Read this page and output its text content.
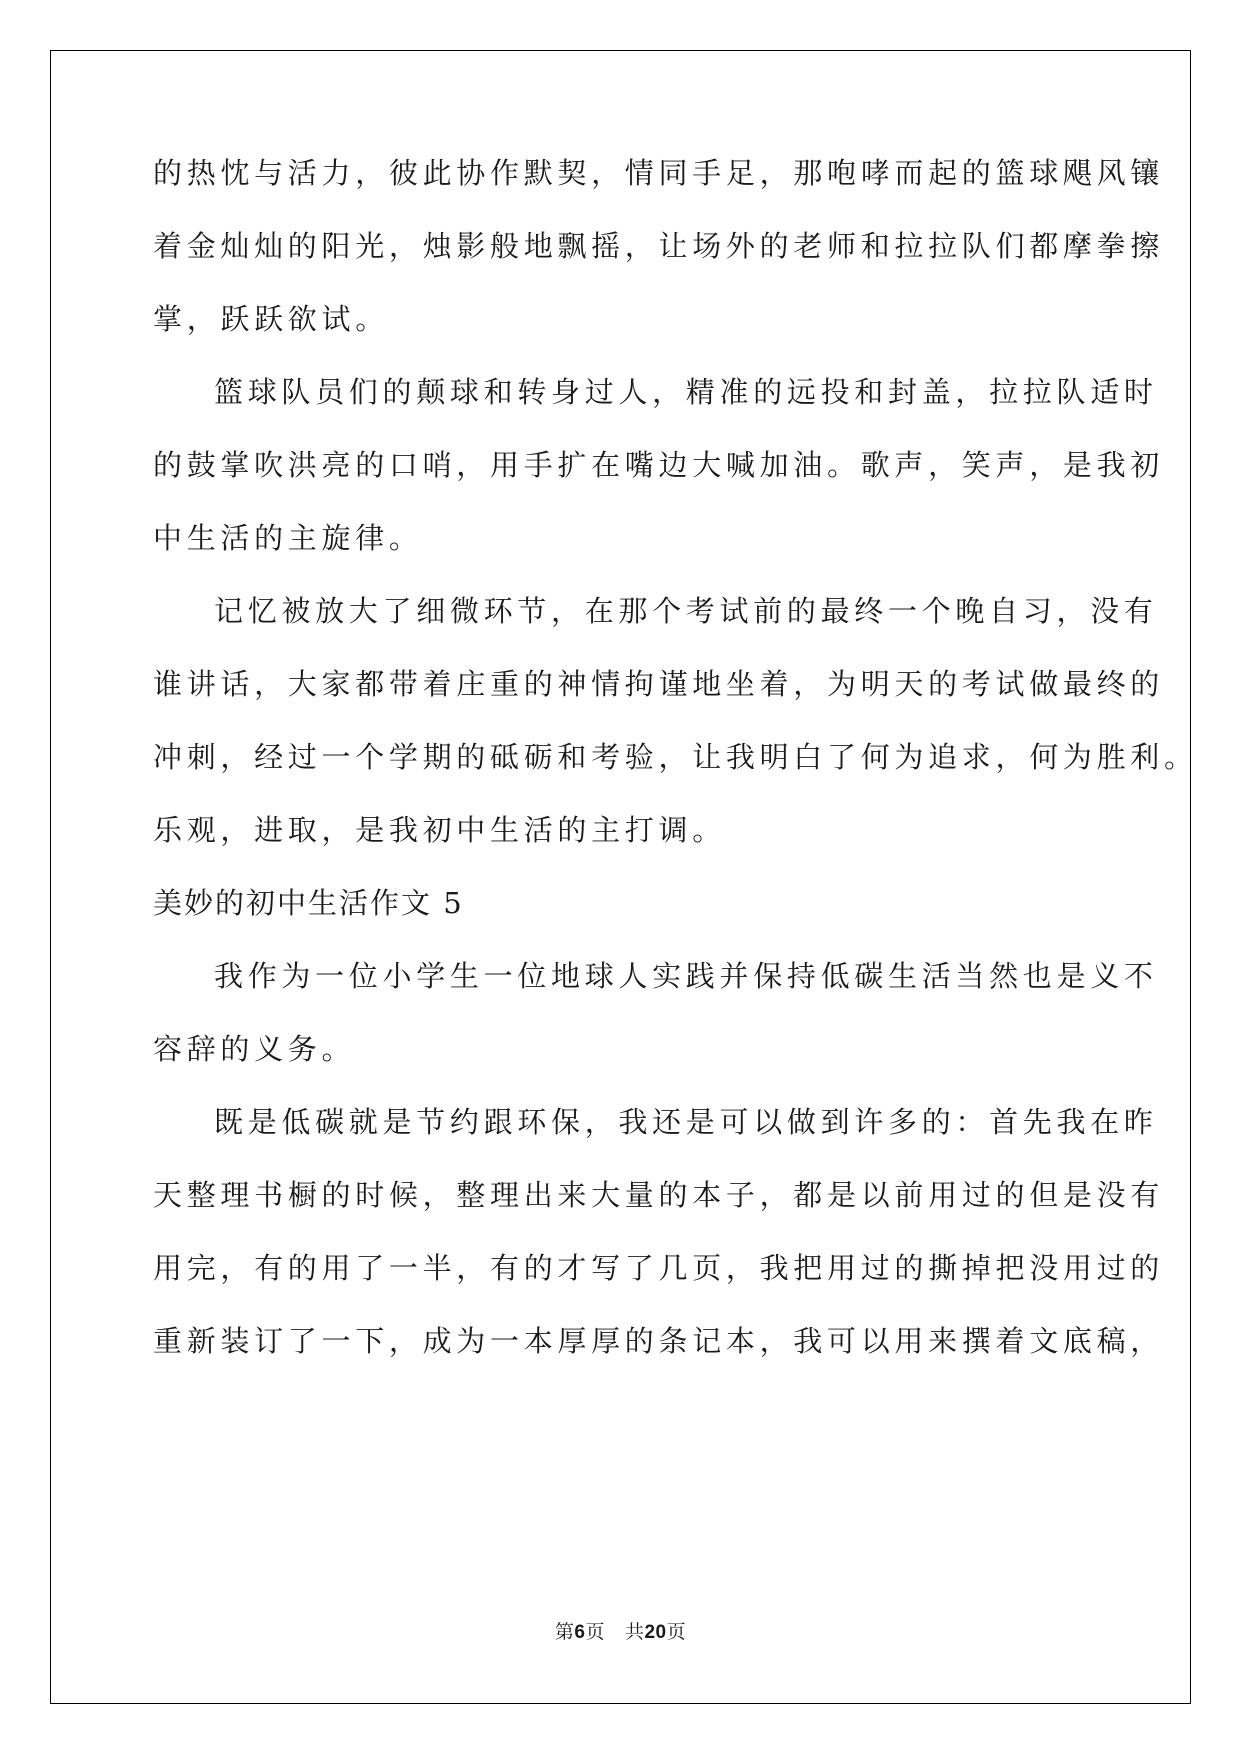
的热忱与活力，彼此协作默契，情同手足，那咆哮而起的篮球飓风镶

着金灿灿的阳光，烛影般地飘摇，让场外的老师和拉拉队们都摩拳擦

掌，跃跃欲试。

篮球队员们的颠球和转身过人，精准的远投和封盖，拉拉队适时

的鼓掌吹洪亮的口哨，用手扩在嘴边大喊加油。歌声，笑声，是我初

中生活的主旋律。

记忆被放大了细微环节，在那个考试前的最终一个晚自习，没有

谁讲话，大家都带着庄重的神情拘谨地坐着，为明天的考试做最终的

冲刺，经过一个学期的砥砺和考验，让我明白了何为追求，何为胜利。

乐观，进取，是我初中生活的主打调。

美妙的初中生活作文 5

我作为一位小学生一位地球人实践并保持低碳生活当然也是义不

容辞的义务。

既是低碳就是节约跟环保，我还是可以做到许多的：首先我在昨

天整理书橱的时候，整理出来大量的本子，都是以前用过的但是没有

用完，有的用了一半，有的才写了几页，我把用过的撕掉把没用过的

重新装订了一下，成为一本厚厚的条记本，我可以用来撰着文底稿，

第6页 共20页
